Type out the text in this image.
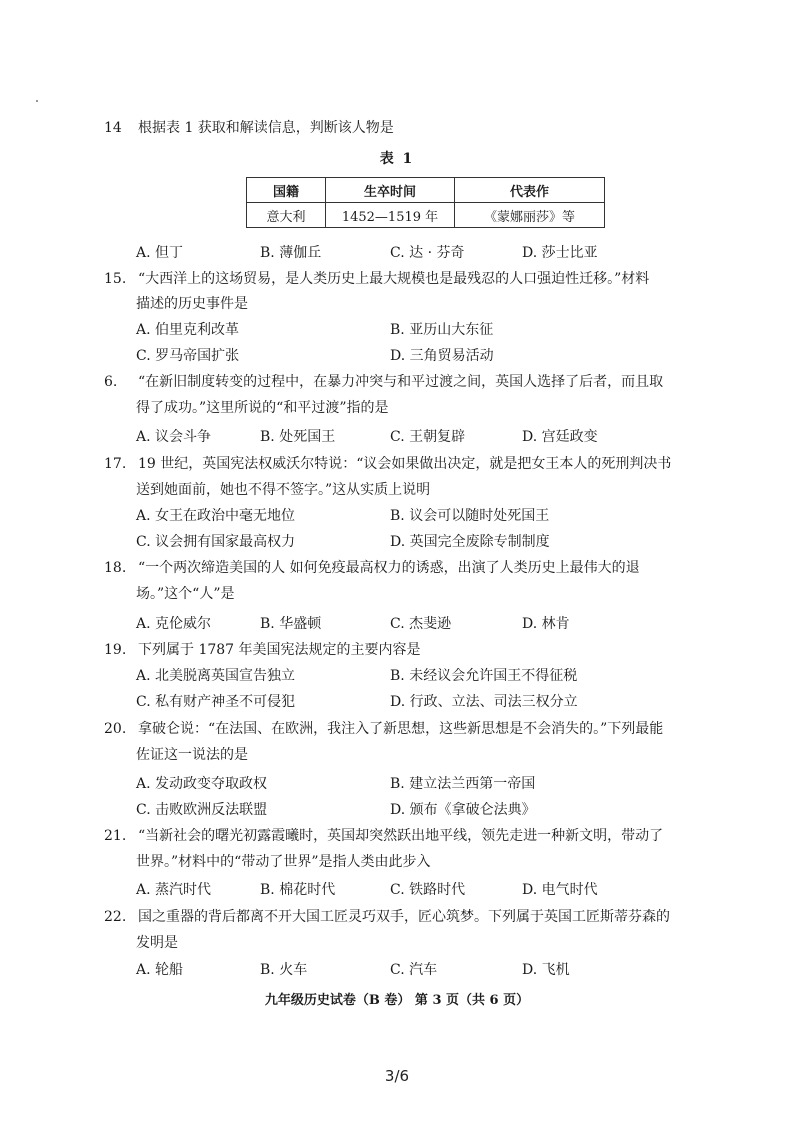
14 根据表 1 获取和解读信息，判断该人物是
表 1
国籍	生卒时间	代表作
意大利	1452—1519 年	《蒙娜丽莎》等
A. 但丁	B. 薄伽丘	C. 达 · 芬奇	D. 莎士比亚
15. “大西洋上的这场贸易，是人类历史上最大规模也是最残忍的人口强迫性迁移。”材料
描述的历史事件是
A. 伯里克利改革	B. 亚历山大东征
C. 罗马帝国扩张	D. 三角贸易活动
6. “在新旧制度转变的过程中，在暴力冲突与和平过渡之间，英国人选择了后者，而且取
得了成功。”这里所说的“和平过渡”指的是
A. 议会斗争	B. 处死国王	C. 王朝复辟	D. 宫廷政变
17. 19 世纪，英国宪法权威沃尔特说：“议会如果做出决定，就是把女王本人的死刑判决书
送到她面前，她也不得不签字。”这从实质上说明
A. 女王在政治中毫无地位	B. 议会可以随时处死国王
C. 议会拥有国家最高权力	D. 英国完全废除专制制度
18. “一个两次缔造美国的人 如何免疫最高权力的诱惑，出演了人类历史上最伟大的退
场。”这个“人”是
A. 克伦威尔	B. 华盛顿	C. 杰斐逊	D. 林肯
19. 下列属于 1787 年美国宪法规定的主要内容是
A. 北美脱离英国宣告独立	B. 未经议会允许国王不得征税
C. 私有财产神圣不可侵犯	D. 行政、立法、司法三权分立
20. 拿破仑说：“在法国、在欧洲，我注入了新思想，这些新思想是不会消失的。”下列最能
佐证这一说法的是
A. 发动政变夺取政权	B. 建立法兰西第一帝国
C. 击败欧洲反法联盟	D. 颁布《拿破仑法典》
21. “当新社会的曙光初露霞曦时，英国却突然跃出地平线，领先走进一种新文明，带动了
世界。”材料中的“带动了世界”是指人类由此步入
A. 蒸汽时代	B. 棉花时代	C. 铁路时代	D. 电气时代
22. 国之重器的背后都离不开大国工匠灵巧双手，匠心筑梦。下列属于英国工匠斯蒂芬森的
发明是
A. 轮船	B. 火车	C. 汽车	D. 飞机
九年级历史试卷（B 卷） 第 3 页（共 6 页）
3/6
